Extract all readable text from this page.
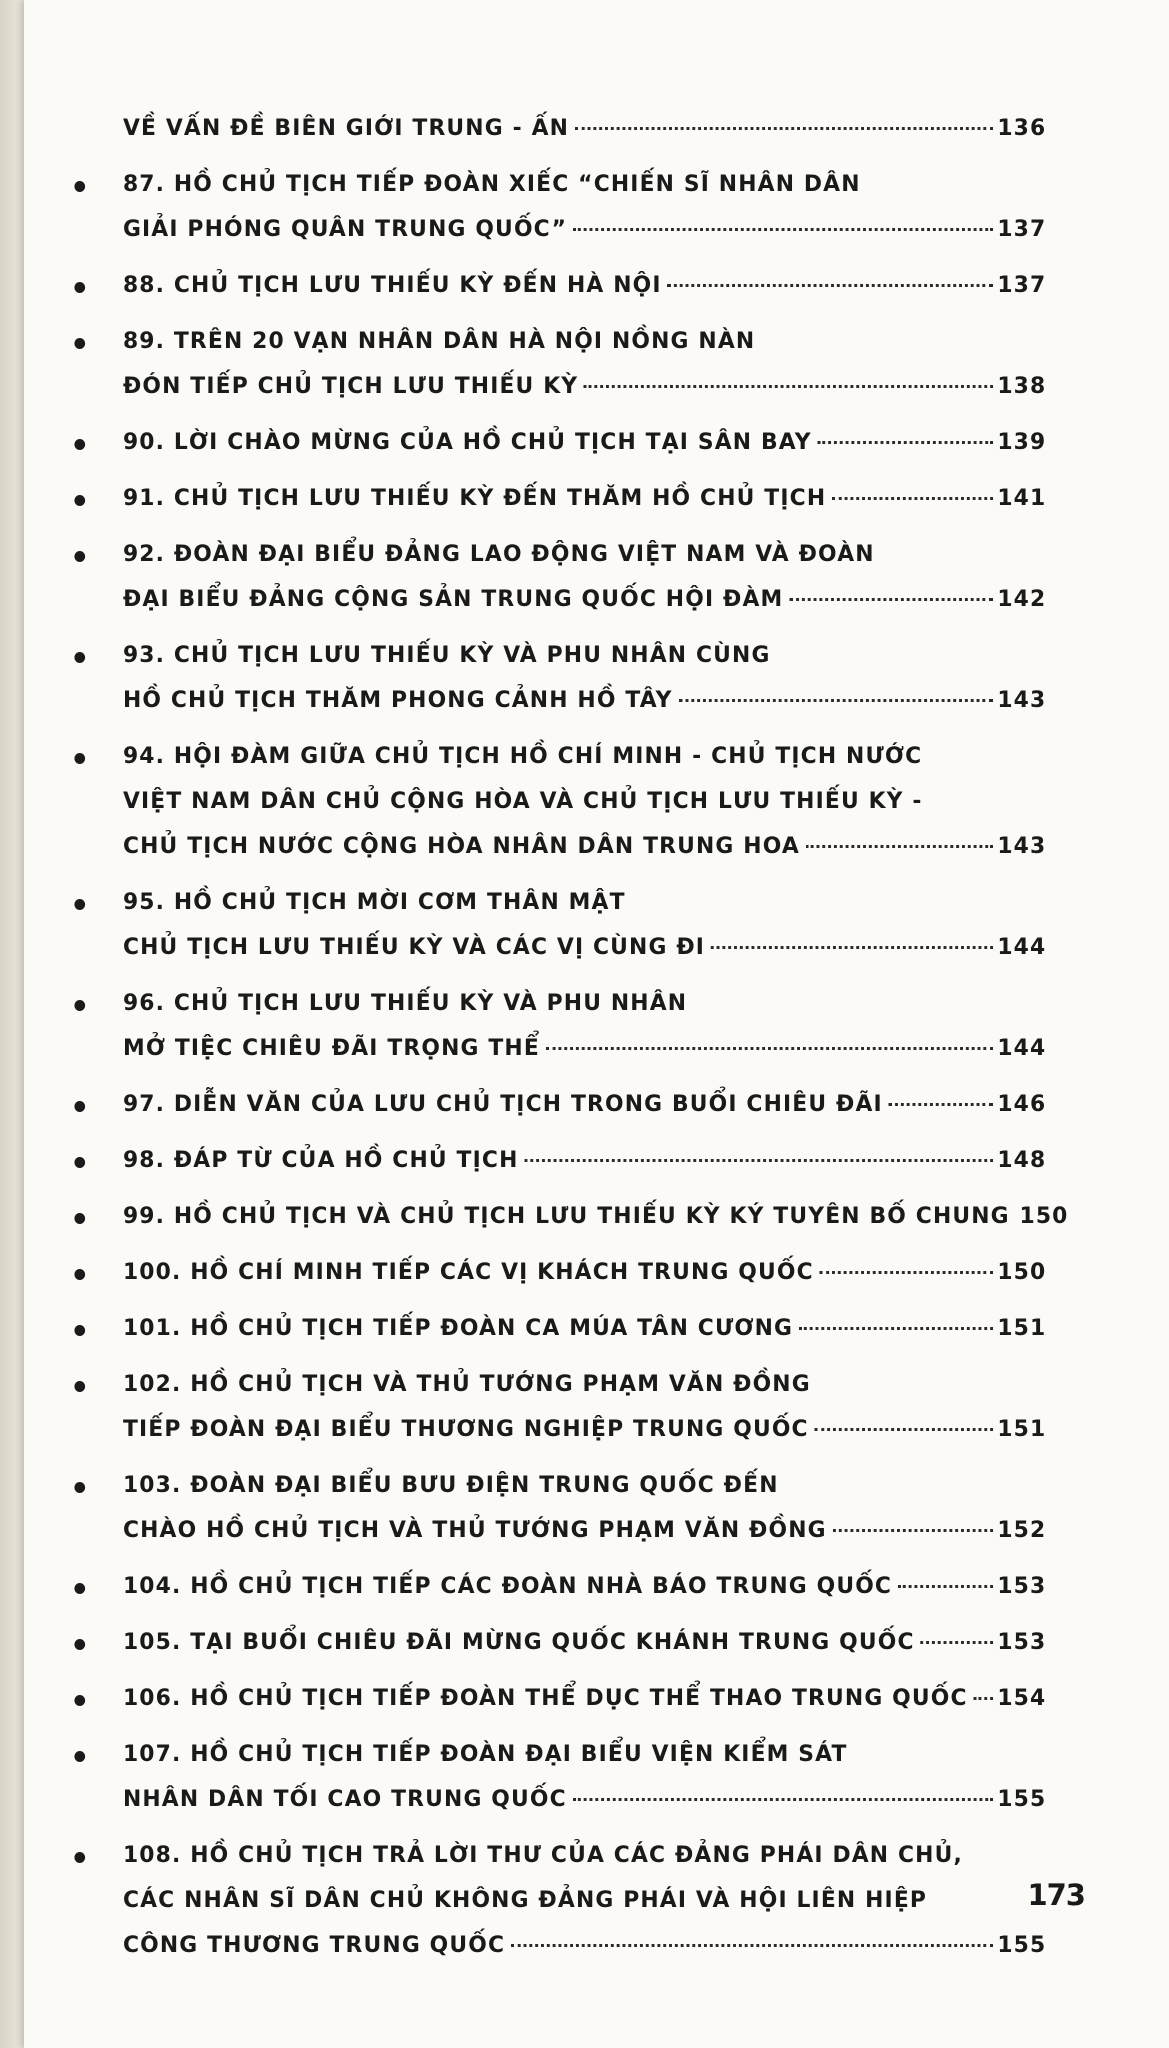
VỀ VẤN ĐỀ BIÊN GIỚI TRUNG - ẤN	136
87. HỒ CHỦ TỊCH TIẾP ĐOÀN XIẾC “CHIẾN SĨ NHÂN DÂN
GIẢI PHÓNG QUÂN TRUNG QUỐC”	137
88. CHỦ TỊCH LƯU THIẾU KỲ ĐẾN HÀ NỘI	137
89. TRÊN 20 VẠN NHÂN DÂN HÀ NỘI NỒNG NÀN
ĐÓN TIẾP CHỦ TỊCH LƯU THIẾU KỲ	138
90. LỜI CHÀO MỪNG CỦA HỒ CHỦ TỊCH TẠI SÂN BAY	139
91. CHỦ TỊCH LƯU THIẾU KỲ ĐẾN THĂM HỒ CHỦ TỊCH	141
92. ĐOÀN ĐẠI BIỂU ĐẢNG LAO ĐỘNG VIỆT NAM VÀ ĐOÀN
ĐẠI BIỂU ĐẢNG CỘNG SẢN TRUNG QUỐC HỘI ĐÀM	142
93. CHỦ TỊCH LƯU THIẾU KỲ VÀ PHU NHÂN CÙNG
HỒ CHỦ TỊCH THĂM PHONG CẢNH HỒ TÂY	143
94. HỘI ĐÀM GIỮA CHỦ TỊCH HỒ CHÍ MINH - CHỦ TỊCH NƯỚC
VIỆT NAM DÂN CHỦ CỘNG HÒA VÀ CHỦ TỊCH LƯU THIẾU KỲ -
CHỦ TỊCH NƯỚC CỘNG HÒA NHÂN DÂN TRUNG HOA	143
95. HỒ CHỦ TỊCH MỜI CƠM THÂN MẬT
CHỦ TỊCH LƯU THIẾU KỲ VÀ CÁC VỊ CÙNG ĐI	144
96. CHỦ TỊCH LƯU THIẾU KỲ VÀ PHU NHÂN
MỞ TIỆC CHIÊU ĐÃI TRỌNG THỂ	144
97. DIỄN VĂN CỦA LƯU CHỦ TỊCH TRONG BUỔI CHIÊU ĐÃI	146
98. ĐÁP TỪ CỦA HỒ CHỦ TỊCH	148
99. HỒ CHỦ TỊCH VÀ CHỦ TỊCH LƯU THIẾU KỲ KÝ TUYÊN BỐ CHUNG 150
100. HỒ CHÍ MINH TIẾP CÁC VỊ KHÁCH TRUNG QUỐC	150
101. HỒ CHỦ TỊCH TIẾP ĐOÀN CA MÚA TÂN CƯƠNG	151
102. HỒ CHỦ TỊCH VÀ THỦ TƯỚNG PHẠM VĂN ĐỒNG
TIẾP ĐOÀN ĐẠI BIỂU THƯƠNG NGHIỆP TRUNG QUỐC	151
103. ĐOÀN ĐẠI BIỂU BƯU ĐIỆN TRUNG QUỐC ĐẾN
CHÀO HỒ CHỦ TỊCH VÀ THỦ TƯỚNG PHẠM VĂN ĐỒNG	152
104. HỒ CHỦ TỊCH TIẾP CÁC ĐOÀN NHÀ BÁO TRUNG QUỐC	153
105. TẠI BUỔI CHIÊU ĐÃI MỪNG QUỐC KHÁNH TRUNG QUỐC	153
106. HỒ CHỦ TỊCH TIẾP ĐOÀN THỂ DỤC THỂ THAO TRUNG QUỐC 154
107. HỒ CHỦ TỊCH TIẾP ĐOÀN ĐẠI BIỂU VIỆN KIỂM SÁT
NHÂN DÂN TỐI CAO TRUNG QUỐC	155
108. HỒ CHỦ TỊCH TRẢ LỜI THƯ CỦA CÁC ĐẢNG PHÁI DÂN CHỦ,
CÁC NHÂN SĨ DÂN CHỦ KHÔNG ĐẢNG PHÁI VÀ HỘI LIÊN HIỆP
CÔNG THƯƠNG TRUNG QUỐC	155
173
